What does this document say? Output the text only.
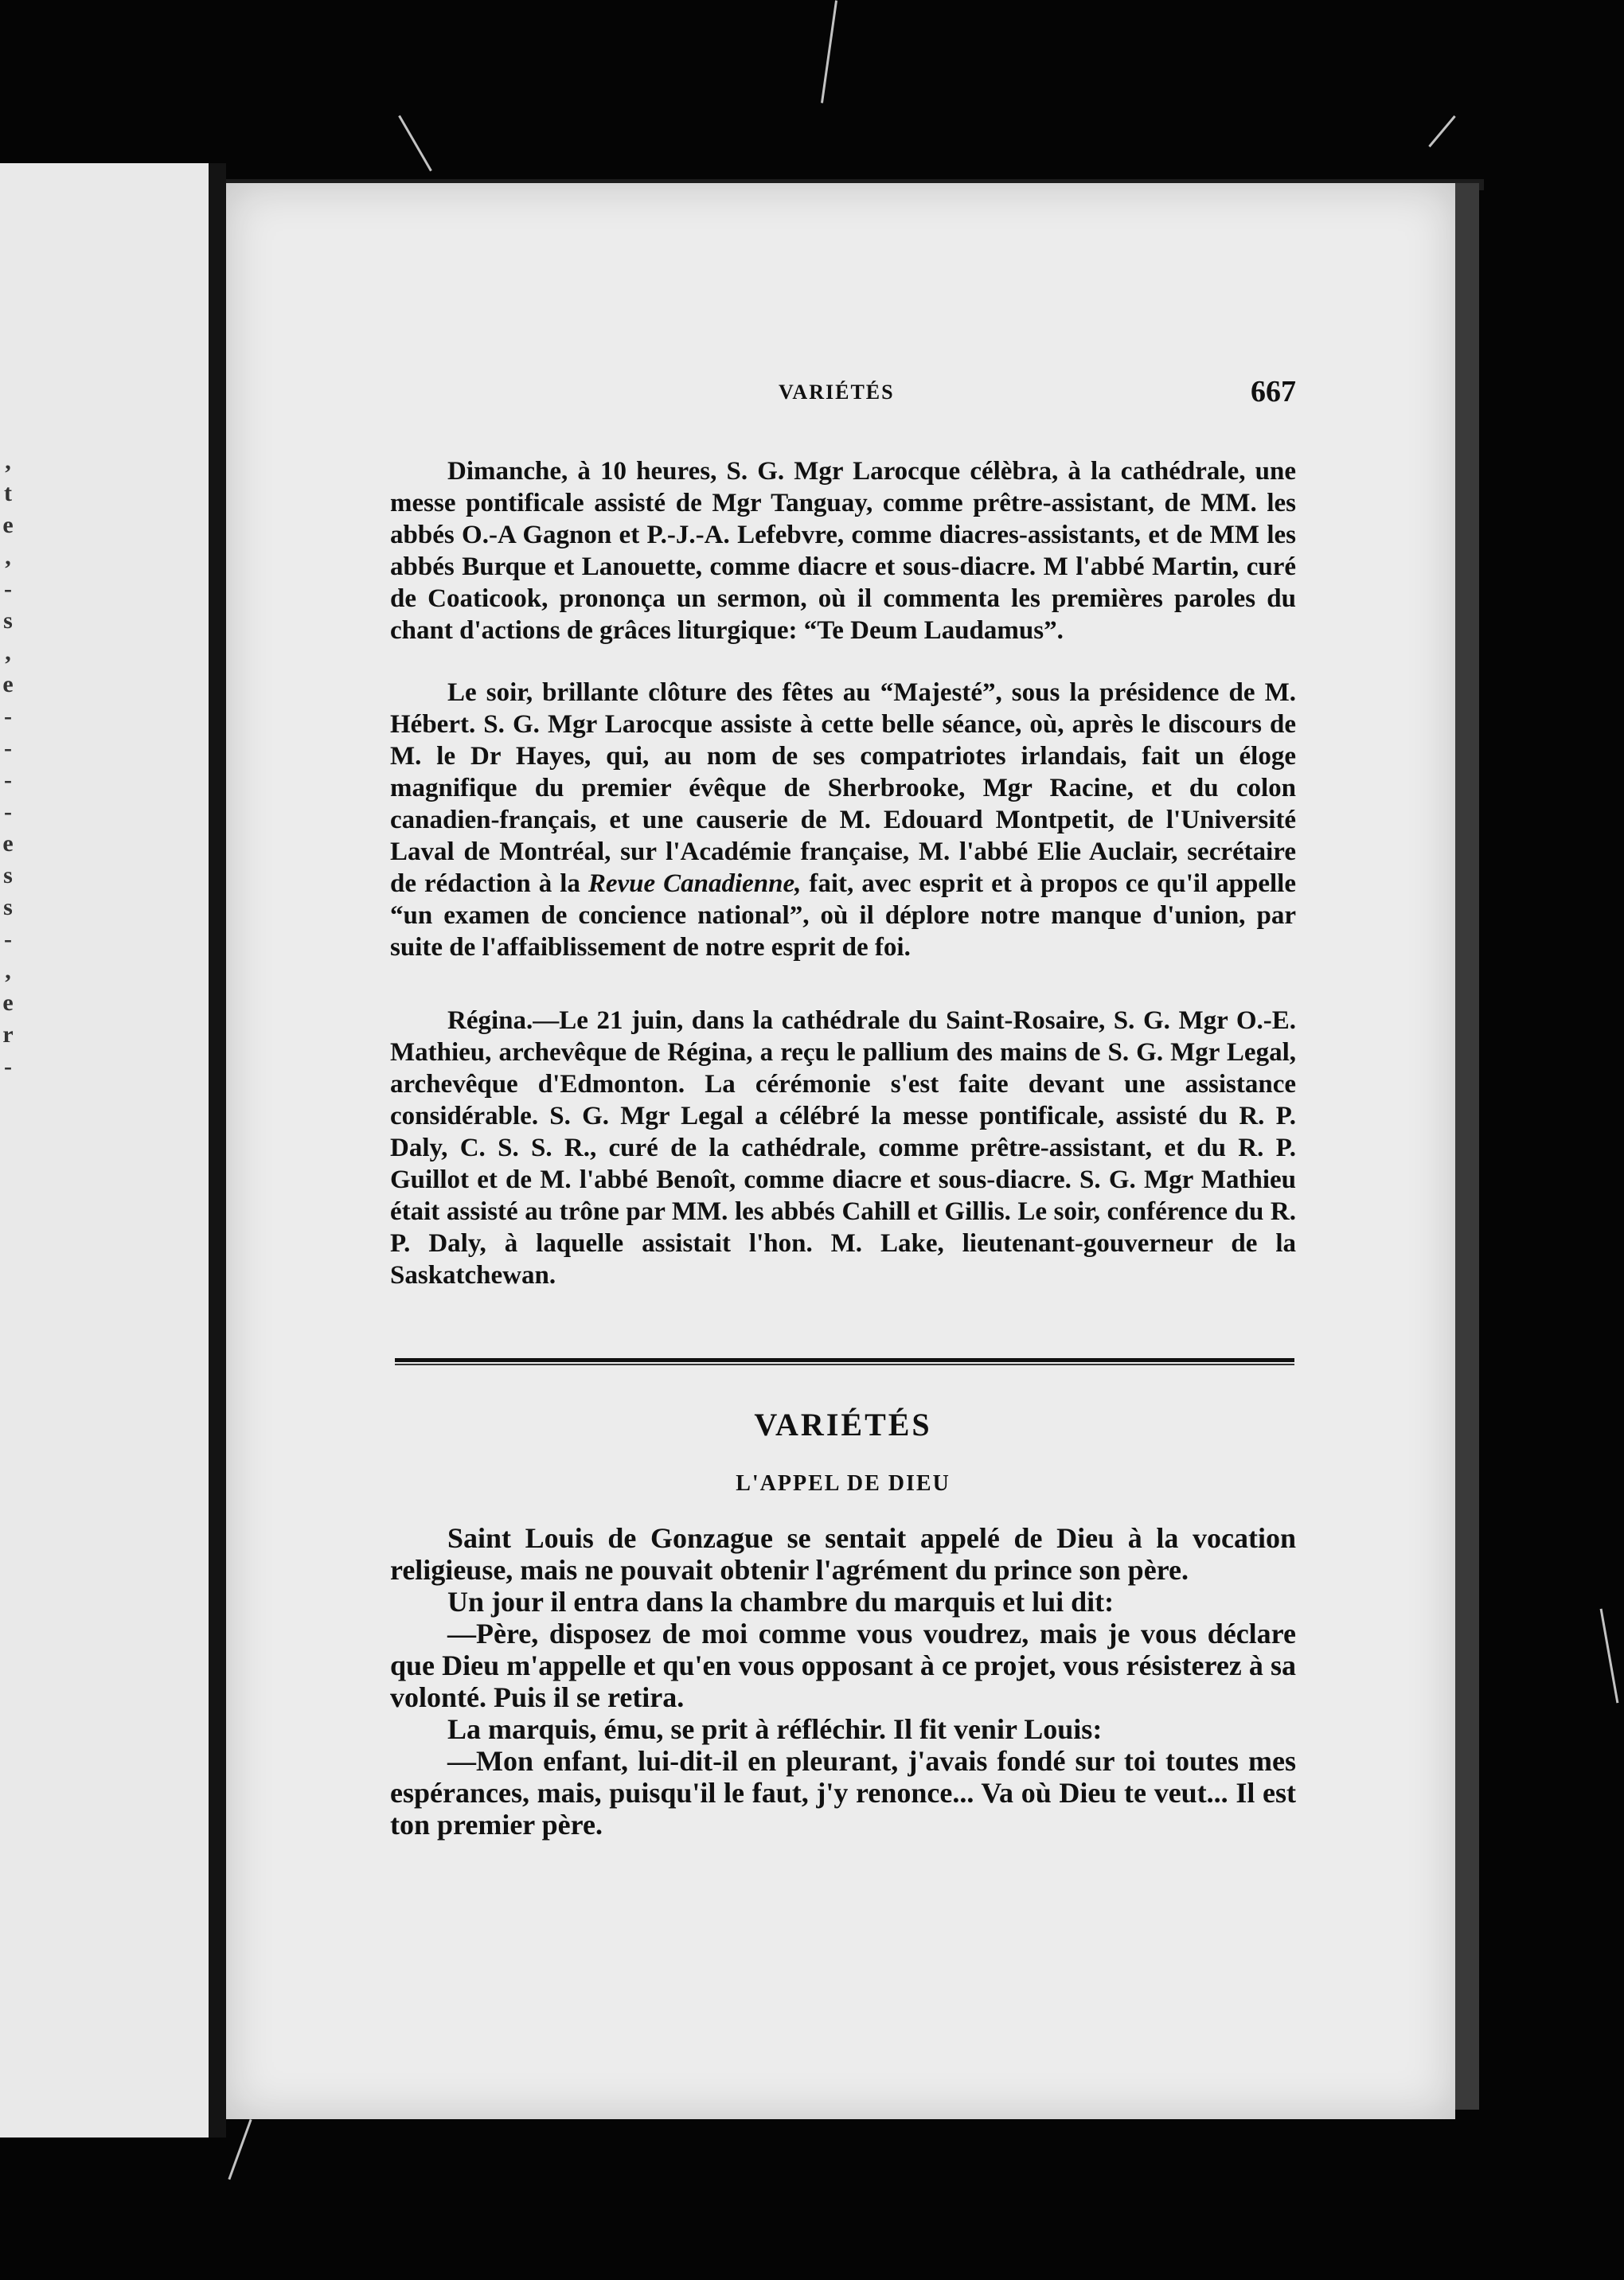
,
t
e
,
-
s
,
e
-
-
-
-
e
s
s
-
,
e
r
-
VARIÉTÉS	667

Dimanche, à 10 heures, S. G. Mgr Larocque célèbra, à la cathédrale, une messe pontificale assisté de Mgr Tanguay, comme prêtre-assistant, de MM. les abbés O.-A Gagnon et P.-J.-A. Lefebvre, comme diacres-assistants, et de MM les abbés Burque et Lanouette, comme diacre et sous-diacre. M l'abbé Martin, curé de Coaticook, prononça un sermon, où il commenta les premières paroles du chant d'actions de grâces liturgique: “Te Deum Laudamus”.

Le soir, brillante clôture des fêtes au “Majesté”, sous la présidence de M. Hébert. S. G. Mgr Larocque assiste à cette belle séance, où, après le discours de M. le Dr Hayes, qui, au nom de ses compatriotes irlandais, fait un éloge magnifique du premier évêque de Sherbrooke, Mgr Racine, et du colon canadien-français, et une causerie de M. Edouard Montpetit, de l'Université Laval de Montréal, sur l'Académie française, M. l'abbé Elie Auclair, secrétaire de rédaction à la Revue Canadienne, fait, avec esprit et à propos ce qu'il appelle “un examen de concience national”, où il déplore notre manque d'union, par suite de l'affaiblissement de notre esprit de foi.

Régina.—Le 21 juin, dans la cathédrale du Saint-Rosaire, S. G. Mgr O.-E. Mathieu, archevêque de Régina, a reçu le pallium des mains de S. G. Mgr Legal, archevêque d'Edmonton. La cérémonie s'est faite devant une assistance considérable. S. G. Mgr Legal a célébré la messe pontificale, assisté du R. P. Daly, C. S. S. R., curé de la cathédrale, comme prêtre-assistant, et du R. P. Guillot et de M. l'abbé Benoît, comme diacre et sous-diacre. S. G. Mgr Mathieu était assisté au trône par MM. les abbés Cahill et Gillis. Le soir, conférence du R. P. Daly, à laquelle assistait l'hon. M. Lake, lieutenant-gouverneur de la Saskatchewan.

VARIÉTÉS
L'APPEL DE DIEU

Saint Louis de Gonzague se sentait appelé de Dieu à la vocation religieuse, mais ne pouvait obtenir l'agrément du prince son père.

Un jour il entra dans la chambre du marquis et lui dit:

—Père, disposez de moi comme vous voudrez, mais je vous déclare que Dieu m'appelle et qu'en vous opposant à ce projet, vous résisterez à sa volonté. Puis il se retira.

La marquis, ému, se prit à réfléchir. Il fit venir Louis:

—Mon enfant, lui-dit-il en pleurant, j'avais fondé sur toi toutes mes espérances, mais, puisqu'il le faut, j'y renonce... Va où Dieu te veut... Il est ton premier père.
